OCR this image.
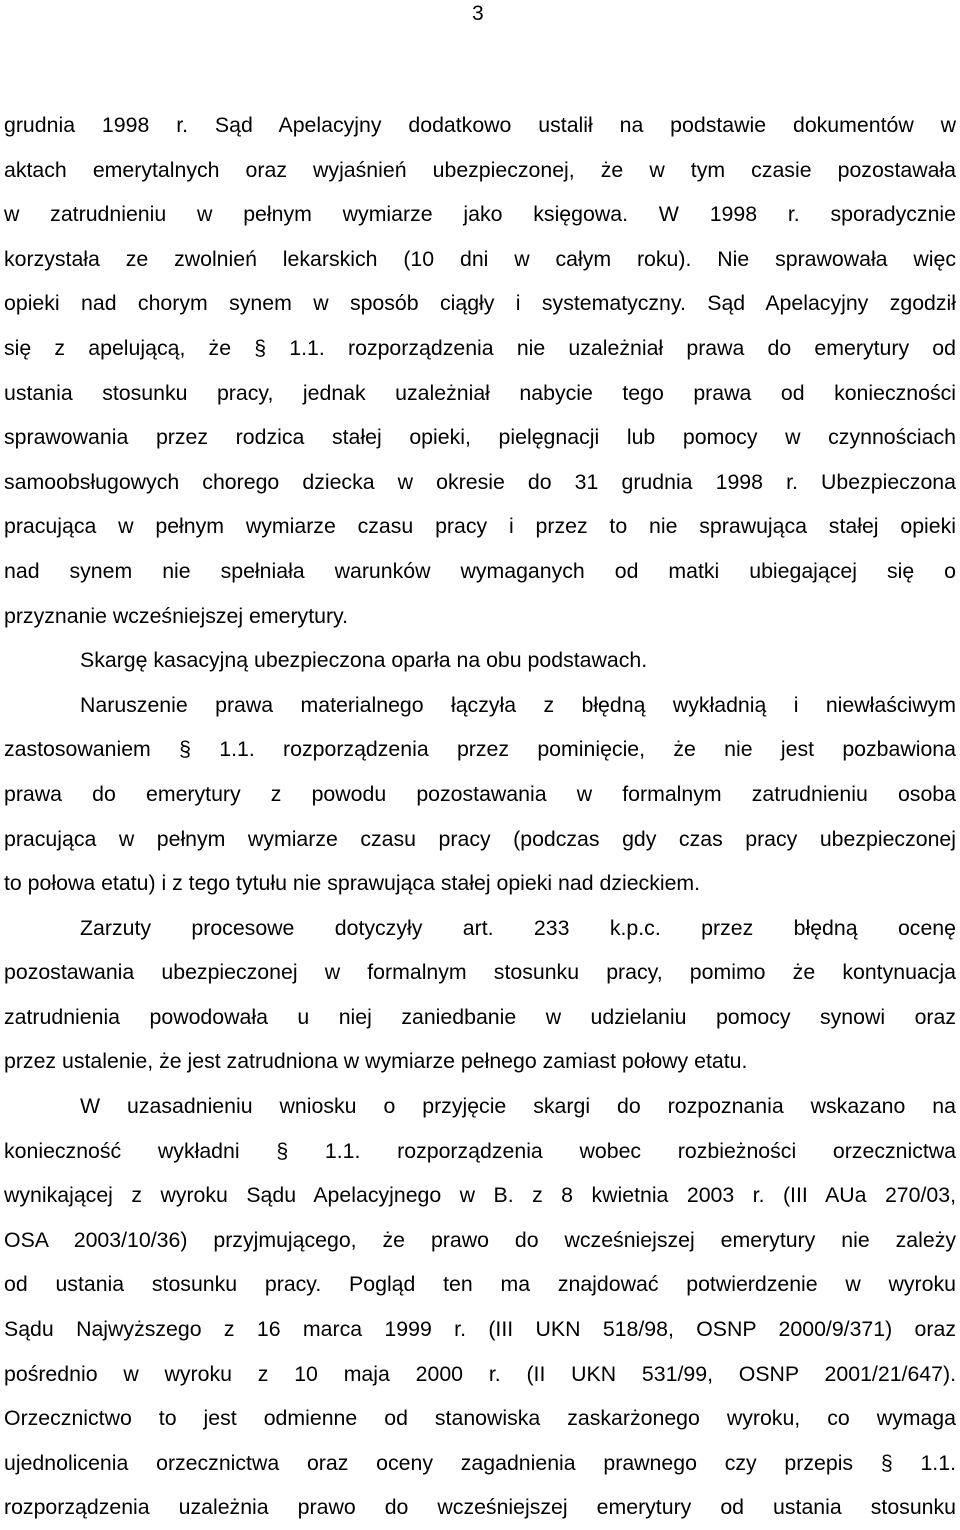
3
grudnia 1998 r. Sąd Apelacyjny dodatkowo ustalił na podstawie dokumentów w
aktach emerytalnych oraz wyjaśnień ubezpieczonej, że w tym czasie pozostawała
w zatrudnieniu w pełnym wymiarze jako księgowa. W 1998 r. sporadycznie
korzystała ze zwolnień lekarskich (10 dni w całym roku). Nie sprawowała więc
opieki nad chorym synem w sposób ciągły i systematyczny. Sąd Apelacyjny zgodził
się z apelującą, że § 1.1. rozporządzenia nie uzależniał prawa do emerytury od
ustania stosunku pracy, jednak uzależniał nabycie tego prawa od konieczności
sprawowania przez rodzica stałej opieki, pielęgnacji lub pomocy w czynnościach
samoobsługowych chorego dziecka w okresie do 31 grudnia 1998 r. Ubezpieczona
pracująca w pełnym wymiarze czasu pracy i przez to nie sprawująca stałej opieki
nad synem nie spełniała warunków wymaganych od matki ubiegającej się o
przyznanie wcześniejszej emerytury.
Skargę kasacyjną ubezpieczona oparła na obu podstawach.
Naruszenie prawa materialnego łączyła z błędną wykładnią i niewłaściwym
zastosowaniem § 1.1. rozporządzenia przez pominięcie, że nie jest pozbawiona
prawa do emerytury z powodu pozostawania w formalnym zatrudnieniu osoba
pracująca w pełnym wymiarze czasu pracy (podczas gdy czas pracy ubezpieczonej
to połowa etatu) i z tego tytułu nie sprawująca stałej opieki nad dzieckiem.
Zarzuty procesowe dotyczyły art. 233 k.p.c. przez błędną ocenę
pozostawania ubezpieczonej w formalnym stosunku pracy, pomimo że kontynuacja
zatrudnienia powodowała u niej zaniedbanie w udzielaniu pomocy synowi oraz
przez ustalenie, że jest zatrudniona w wymiarze pełnego zamiast połowy etatu.
W uzasadnieniu wniosku o przyjęcie skargi do rozpoznania wskazano na
konieczność wykładni § 1.1. rozporządzenia wobec rozbieżności orzecznictwa
wynikającej z wyroku Sądu Apelacyjnego w B. z 8 kwietnia 2003 r. (III AUa 270/03,
OSA 2003/10/36) przyjmującego, że prawo do wcześniejszej emerytury nie zależy
od ustania stosunku pracy. Pogląd ten ma znajdować potwierdzenie w wyroku
Sądu Najwyższego z 16 marca 1999 r. (III UKN 518/98, OSNP 2000/9/371) oraz
pośrednio w wyroku z 10 maja 2000 r. (II UKN 531/99, OSNP 2001/21/647).
Orzecznictwo to jest odmienne od stanowiska zaskarżonego wyroku, co wymaga
ujednolicenia orzecznictwa oraz oceny zagadnienia prawnego czy przepis § 1.1.
rozporządzenia uzależnia prawo do wcześniejszej emerytury od ustania stosunku
